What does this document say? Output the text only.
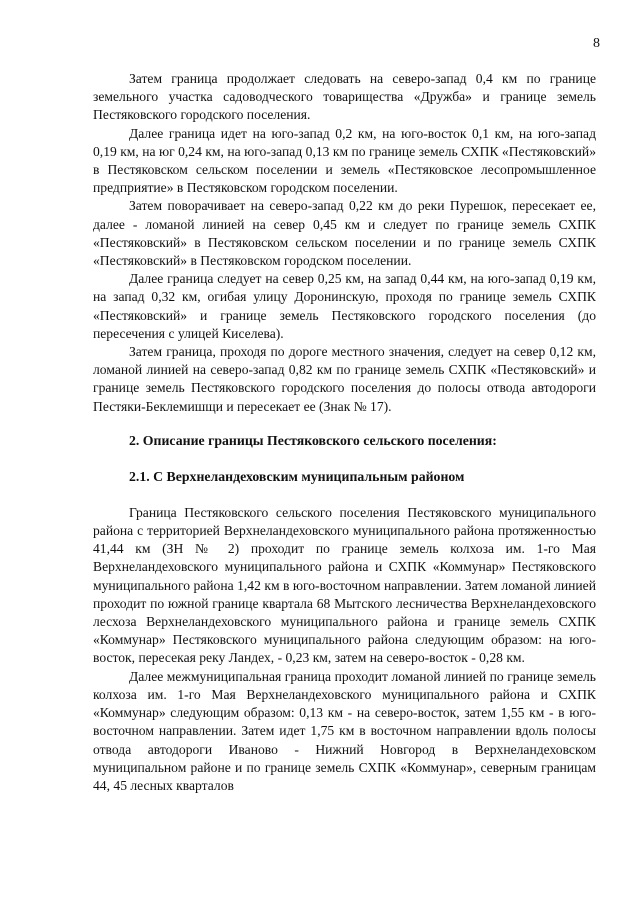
8

Затем граница продолжает следовать на северо-запад 0,4 км по границе земельного участка садоводческого товарищества «Дружба» и границе земель Пестяковского городского поселения.

Далее граница идет на юго-запад 0,2 км, на юго-восток 0,1 км, на юго-запад 0,19 км, на юг 0,24 км, на юго-запад 0,13 км по границе земель СХПК «Пестяковский» в Пестяковском сельском поселении и земель «Пестяковское лесопромышленное предприятие» в Пестяковском городском поселении.

Затем поворачивает на северо-запад 0,22 км до реки Пурешок, пересекает ее, далее - ломаной линией на север 0,45 км и следует по границе земель СХПК «Пестяковский» в Пестяковском сельском поселении и по границе земель СХПК «Пестяковский» в Пестяковском городском поселении.

Далее граница следует на север 0,25 км, на запад 0,44 км, на юго-запад 0,19 км, на запад 0,32 км, огибая улицу Доронинскую, проходя по границе земель СХПК «Пестяковский» и границе земель Пестяковского городского поселения (до пересечения с улицей Киселева).

Затем граница, проходя по дороге местного значения, следует на север 0,12 км, ломаной линией на северо-запад 0,82 км по границе земель СХПК «Пестяковский» и границе земель Пестяковского городского поселения до полосы отвода автодороги Пестяки-Беклемишщи и пересекает ее (Знак № 17).

2. Описание границы Пестяковского сельского поселения:
2.1. С Верхнеландеховским муниципальным районом

Граница Пестяковского сельского поселения Пестяковского муниципального района с территорией Верхнеландеховского муниципального района протяженностью 41,44 км (ЗН № 2) проходит по границе земель колхоза им. 1-го Мая Верхнеландеховского муниципального района и СХПК «Коммунар» Пестяковского муниципального района 1,42 км в юго-восточном направлении. Затем ломаной линией проходит по южной границе квартала 68 Мытского лесничества Верхнеландеховского лесхоза Верхнеландеховского муниципального района и границе земель СХПК «Коммунар» Пестяковского муниципального района следующим образом: на юго-восток, пересекая реку Ландех, - 0,23 км, затем на северо-восток - 0,28 км.

Далее межмуниципальная граница проходит ломаной линией по границе земель колхоза им. 1-го Мая Верхнеландеховского муниципального района и СХПК «Коммунар» следующим образом: 0,13 км - на северо-восток, затем 1,55 км - в юго-восточном направлении. Затем идет 1,75 км в восточном направлении вдоль полосы отвода автодороги Иваново - Нижний Новгород в Верхнеландеховском муниципальном районе и по границе земель СХПК «Коммунар», северным границам 44, 45 лесных кварталов
